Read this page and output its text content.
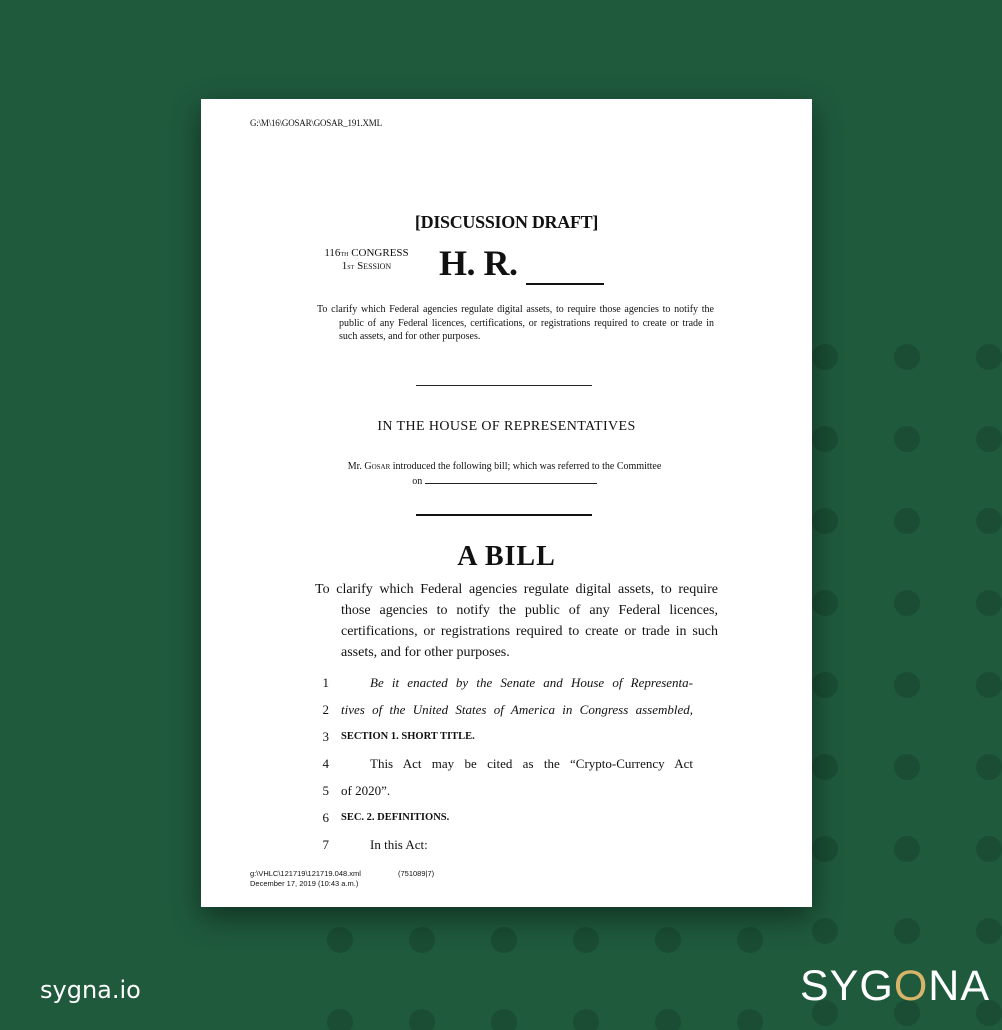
G:\M\16\GOSAR\GOSAR_191.XML
[DISCUSSION DRAFT]
116th CONGRESS
1st Session	H. R.
To clarify which Federal agencies regulate digital assets, to require those agencies to notify the public of any Federal licences, certifications, or registrations required to create or trade in such assets, and for other purposes.
IN THE HOUSE OF REPRESENTATIVES
Mr. Gosar introduced the following bill; which was referred to the Committee
on
A BILL
To clarify which Federal agencies regulate digital assets, to require those agencies to notify the public of any Federal licences, certifications, or registrations required to create or trade in such assets, and for other purposes.
1	Be it enacted by the Senate and House of Representa-
2 tives of the United States of America in Congress assembled,
3 SECTION 1. SHORT TITLE.
4	This Act may be cited as the “Crypto-Currency Act
5 of 2020”.
6 SEC. 2. DEFINITIONS.
7	In this Act:
g:\VHLC\121719\121719.048.xml
December 17, 2019 (10:43 a.m.)
(751089|7)
sygna.io	SYGONA
